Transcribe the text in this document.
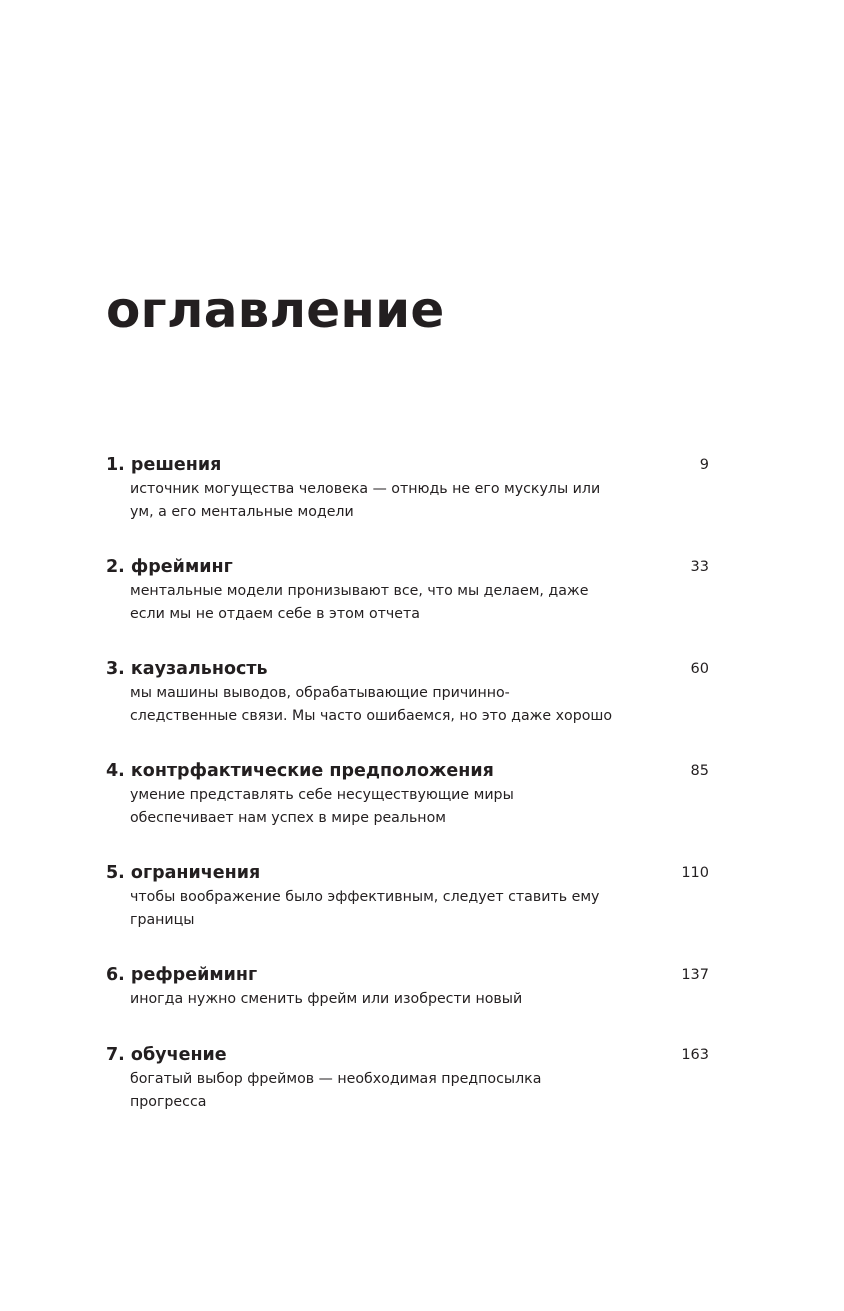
оглавление
1. решения	9
источник могущества человека — отнюдь не его мускулы или
ум, а его ментальные модели
2. фрейминг	33
ментальные модели пронизывают все, что мы делаем, даже
если мы не отдаем себе в этом отчета
3. каузальность	60
мы машины выводов, обрабатывающие причинно-
следственные связи. Мы часто ошибаемся, но это даже хорошо
4. контрфактические предположения	85
умение представлять себе несуществующие миры
обеспечивает нам успех в мире реальном
5. ограничения	110
чтобы воображение было эффективным, следует ставить ему
границы
6. рефрейминг	137
иногда нужно сменить фрейм или изобрести новый
7. обучение	163
богатый выбор фреймов — необходимая предпосылка
прогресса
